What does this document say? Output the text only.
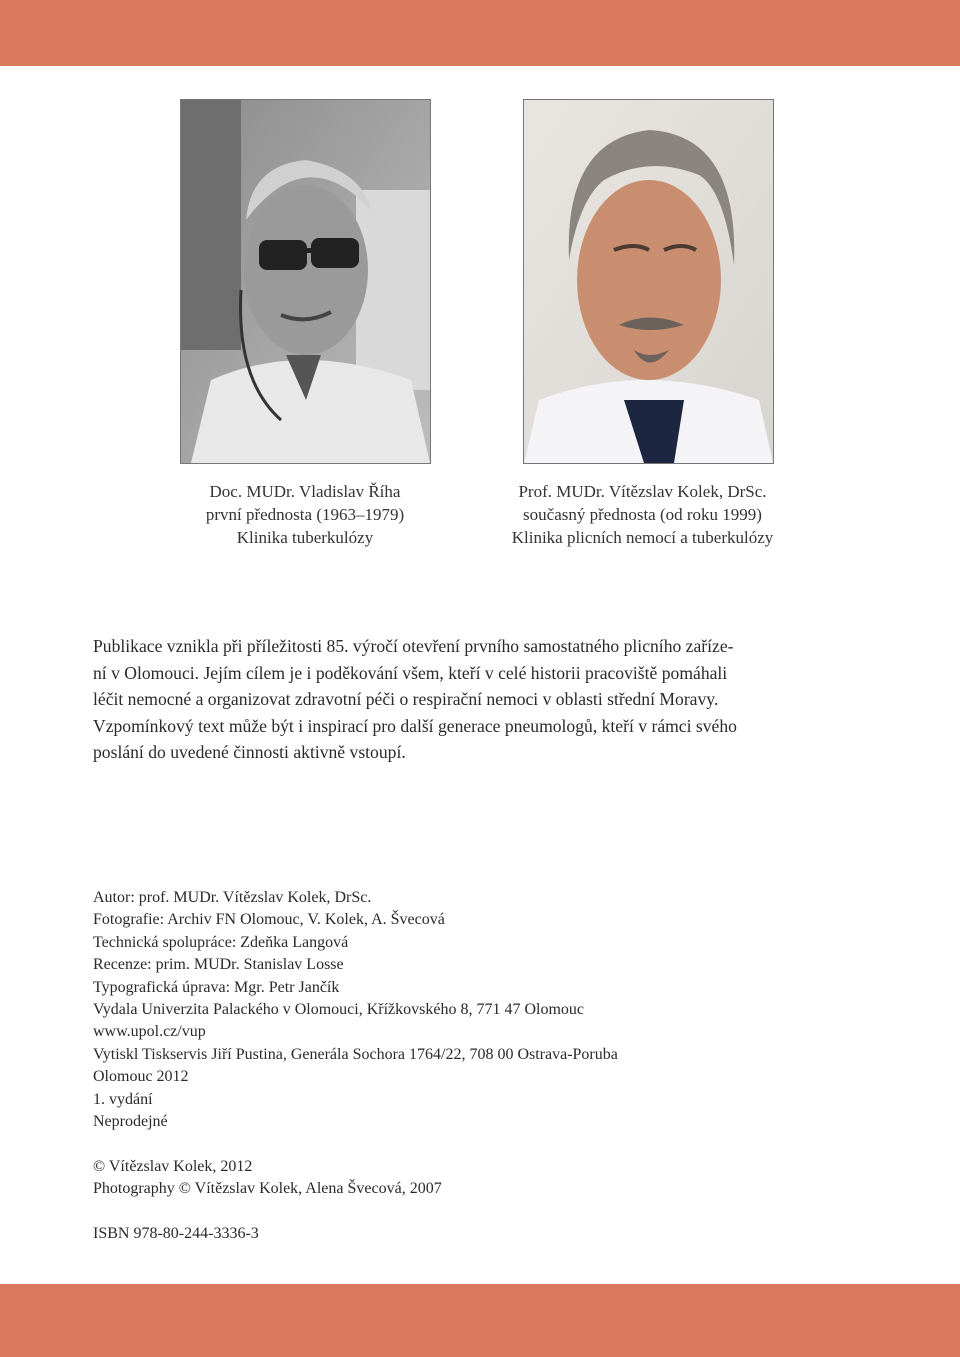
Doc. MUDr. Vladislav Říha
první přednosta (1963–1979)
Klinika tuberkulózy
Prof. MUDr. Vítězslav Kolek, DrSc.
současný přednosta (od roku 1999)
Klinika plicních nemocí a tuberkulózy
Publikace vznikla při příležitosti 85. výročí otevření prvního samostatného plicního zaříze-
ní v Olomouci. Jejím cílem je i poděkování všem, kteří v celé historii pracoviště pomáhali
léčit nemocné a organizovat zdravotní péči o respirační nemoci v oblasti střední Moravy.
Vzpomínkový text může být i inspirací pro další generace pneumologů, kteří v rámci svého
poslání do uvedené činnosti aktivně vstoupí.
Autor: prof. MUDr. Vítězslav Kolek, DrSc.
Fotografie: Archiv FN Olomouc, V. Kolek, A. Švecová
Technická spolupráce: Zdeňka Langová
Recenze: prim. MUDr. Stanislav Losse
Typografická úprava: Mgr. Petr Jančík
Vydala Univerzita Palackého v Olomouci, Křížkovského 8, 771 47 Olomouc
www.upol.cz/vup
Vytiskl Tiskservis Jiří Pustina, Generála Sochora 1764/22, 708 00 Ostrava-Poruba
Olomouc 2012
1. vydání
Neprodejné
© Vítězslav Kolek, 2012
Photography © Vítězslav Kolek, Alena Švecová, 2007
ISBN 978-80-244-3336-3
